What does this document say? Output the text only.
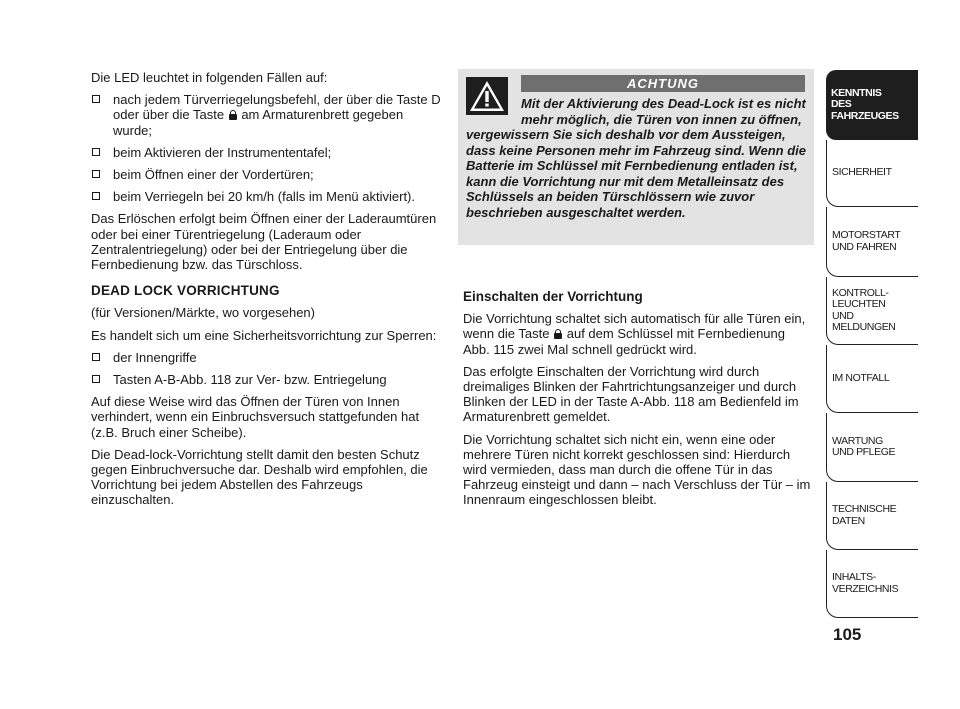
Die LED leuchtet in folgenden Fällen auf:

nach jedem Türverriegelungsbefehl, der über die Taste D oder über die Taste am Armaturenbrett gegeben wurde;
beim Aktivieren der Instrumententafel;
beim Öffnen einer der Vordertüren;
beim Verriegeln bei 20 km/h (falls im Menü aktiviert).

Das Erlöschen erfolgt beim Öffnen einer der Laderaumtüren oder bei einer Türentriegelung (Laderaum oder Zentralentriegelung) oder bei der Entriegelung über die Fernbedienung bzw. das Türschloss.

DEAD LOCK VORRICHTUNG

(für Versionen/Märkte, wo vorgesehen)

Es handelt sich um eine Sicherheitsvorrichtung zur Sperren:

der Innengriffe
Tasten A-B-Abb. 118 zur Ver- bzw. Entriegelung

Auf diese Weise wird das Öffnen der Türen von Innen verhindert, wenn ein Einbruchsversuch stattgefunden hat (z.B. Bruch einer Scheibe).

Die Dead-lock-Vorrichtung stellt damit den besten Schutz gegen Einbruchversuche dar. Deshalb wird empfohlen, die Vorrichtung bei jedem Abstellen des Fahrzeugs einzuschalten.

ACHTUNG
Mit der Aktivierung des Dead-Lock ist es nicht mehr möglich, die Türen von innen zu öffnen, vergewissern Sie sich deshalb vor dem Aussteigen, dass keine Personen mehr im Fahrzeug sind. Wenn die Batterie im Schlüssel mit Fernbedienung entladen ist, kann die Vorrichtung nur mit dem Metalleinsatz des Schlüssels an beiden Türschlössern wie zuvor beschrieben ausgeschaltet werden.

Einschalten der Vorrichtung

Die Vorrichtung schaltet sich automatisch für alle Türen ein, wenn die Taste auf dem Schlüssel mit Fernbedienung Abb. 115 zwei Mal schnell gedrückt wird.

Das erfolgte Einschalten der Vorrichtung wird durch dreimaliges Blinken der Fahrtrichtungsanzeiger und durch Blinken der LED in der Taste A-Abb. 118 am Bedienfeld im Armaturenbrett gemeldet.

Die Vorrichtung schaltet sich nicht ein, wenn eine oder mehrere Türen nicht korrekt geschlossen sind: Hierdurch wird vermieden, dass man durch die offene Tür in das Fahrzeug einsteigt und dann – nach Verschluss der Tür – im Innenraum eingeschlossen bleibt.

KENNTNIS
DES FAHRZEUGES
SICHERHEIT
MOTORSTART
UND FAHREN
KONTROLL-
LEUCHTEN
UND MELDUNGEN
IM NOTFALL
WARTUNG
UND PFLEGE
TECHNISCHE
DATEN
INHALTS-
VERZEICHNIS
105
